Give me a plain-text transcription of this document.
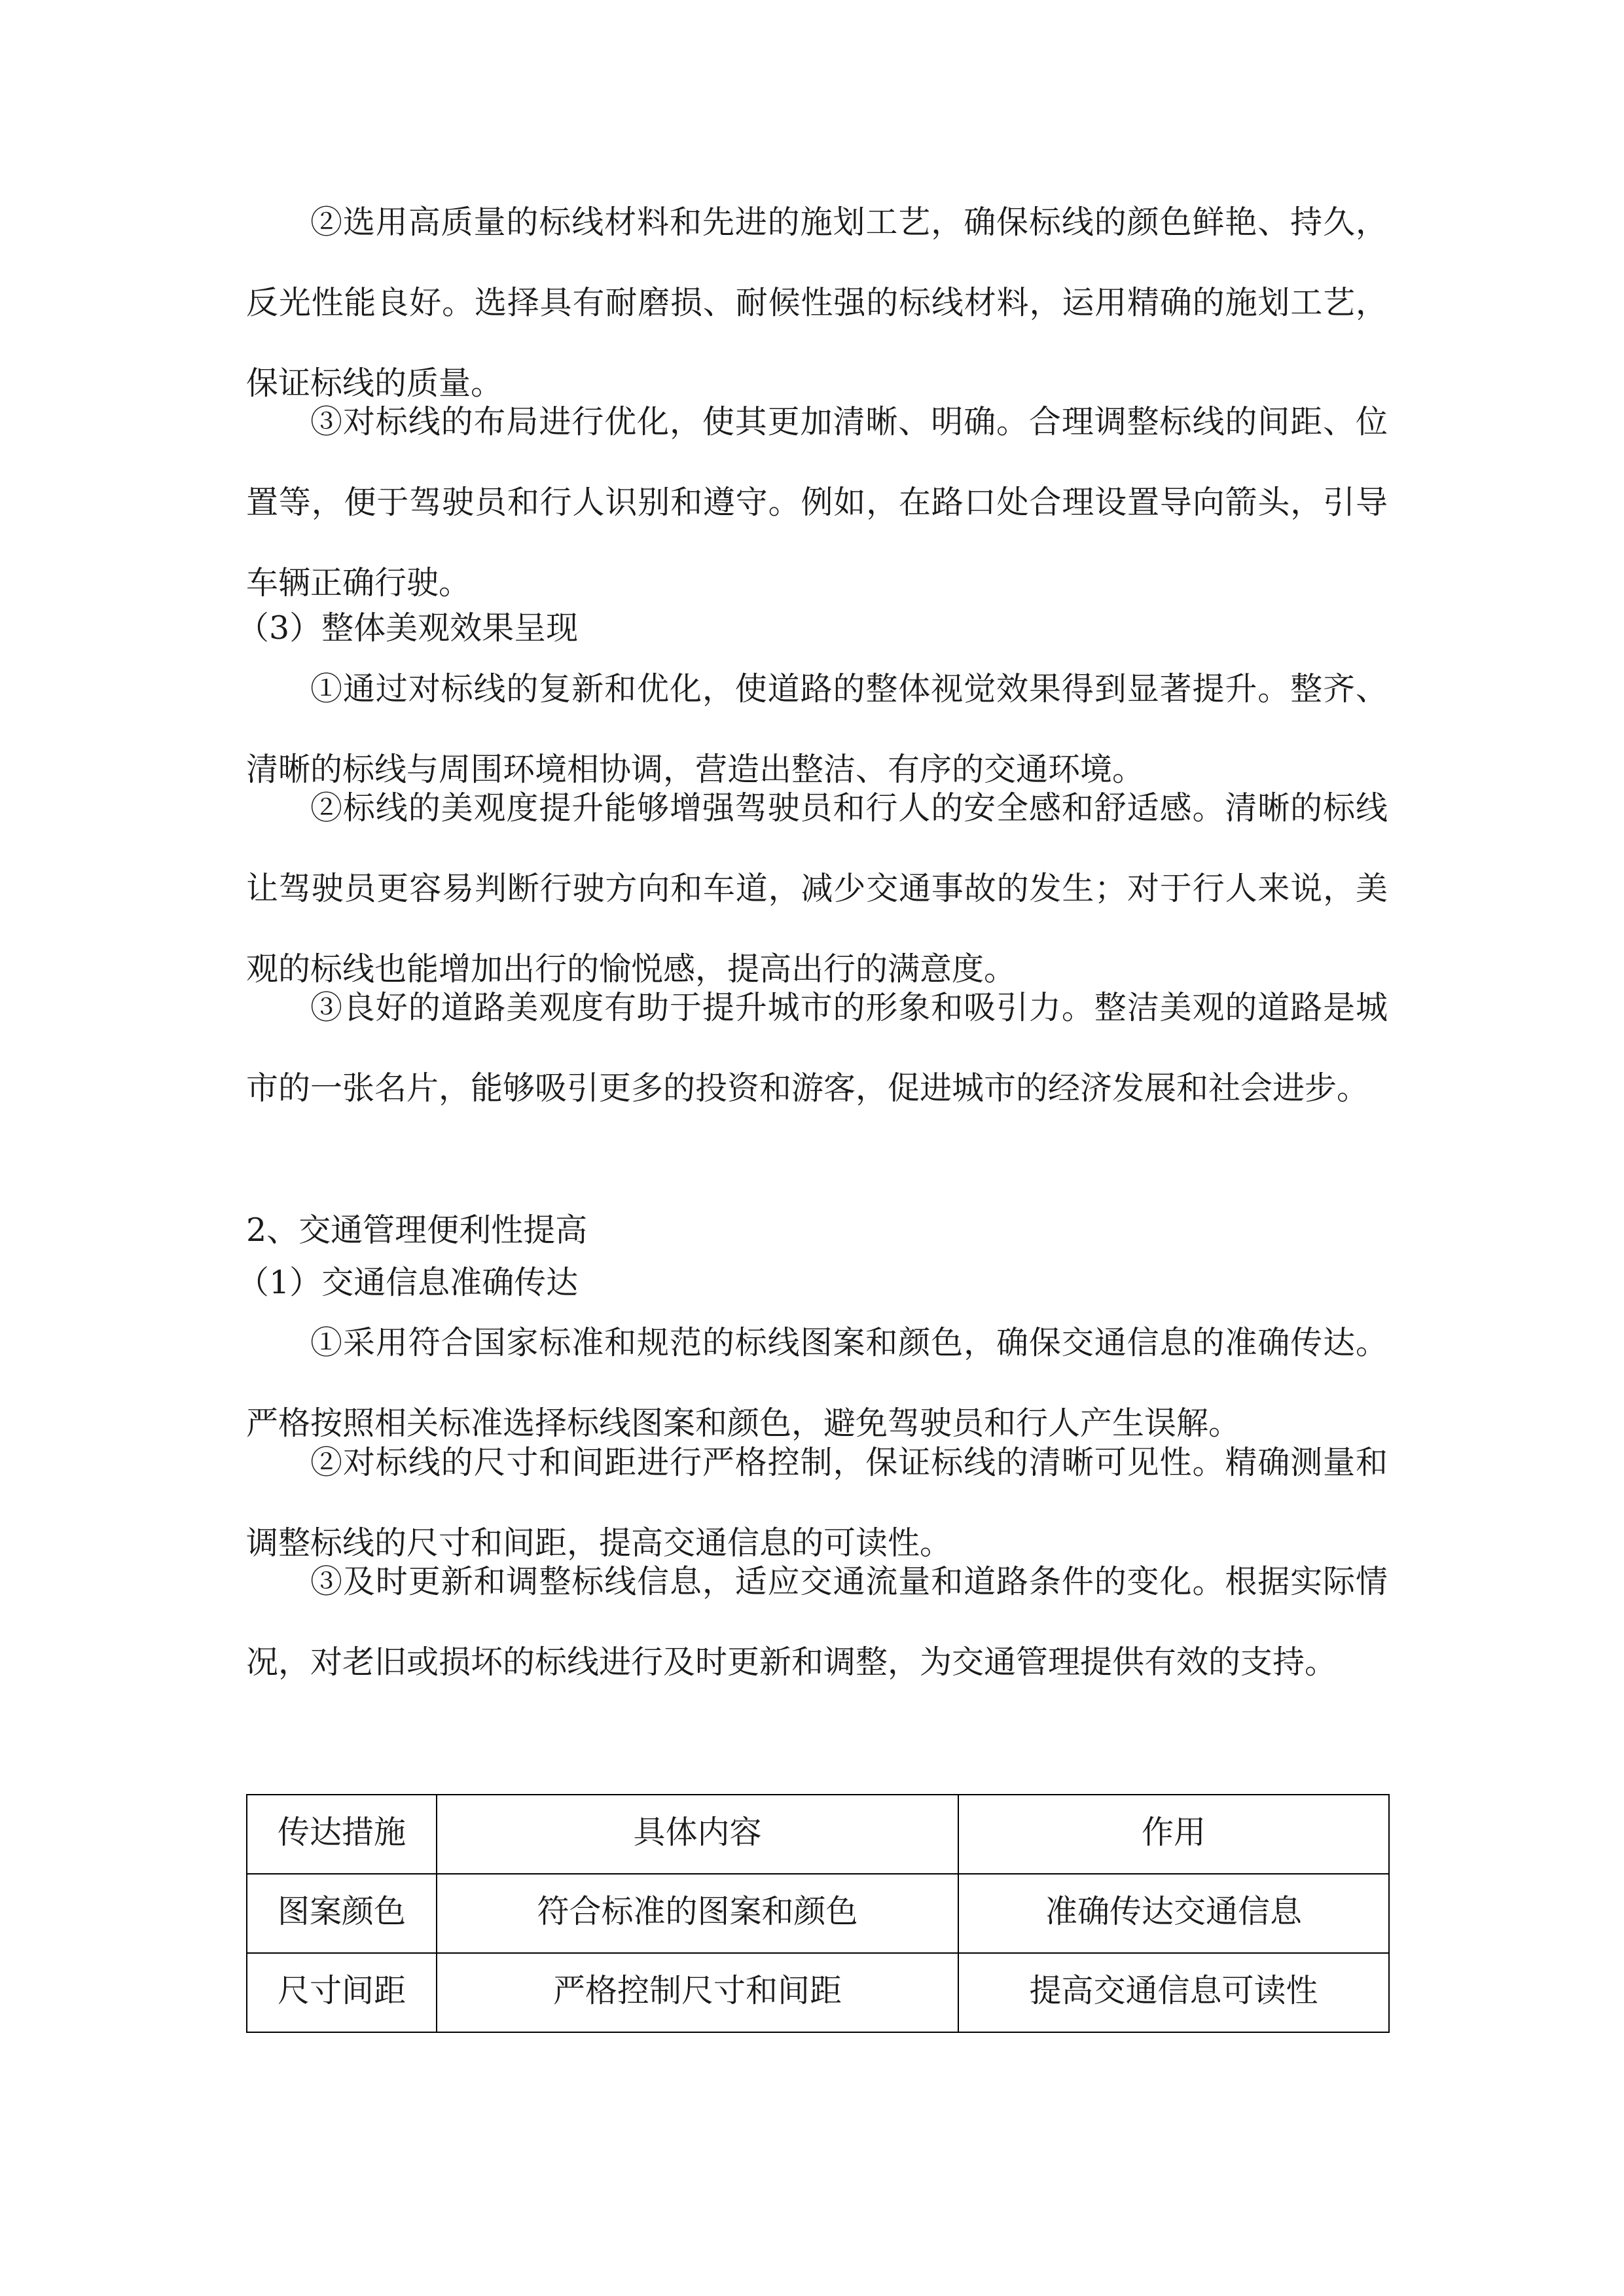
②选用高质量的标线材料和先进的施划工艺，确保标线的颜色鲜艳、持久，反光性能良好。选择具有耐磨损、耐候性强的标线材料，运用精确的施划工艺，保证标线的质量。

③对标线的布局进行优化，使其更加清晰、明确。合理调整标线的间距、位置等，便于驾驶员和行人识别和遵守。例如，在路口处合理设置导向箭头，引导车辆正确行驶。

（3）整体美观效果呈现

①通过对标线的复新和优化，使道路的整体视觉效果得到显著提升。整齐、清晰的标线与周围环境相协调，营造出整洁、有序的交通环境。

②标线的美观度提升能够增强驾驶员和行人的安全感和舒适感。清晰的标线让驾驶员更容易判断行驶方向和车道，减少交通事故的发生；对于行人来说，美观的标线也能增加出行的愉悦感，提高出行的满意度。

③良好的道路美观度有助于提升城市的形象和吸引力。整洁美观的道路是城市的一张名片，能够吸引更多的投资和游客，促进城市的经济发展和社会进步。

2、交通管理便利性提高

（1）交通信息准确传达

①采用符合国家标准和规范的标线图案和颜色，确保交通信息的准确传达。严格按照相关标准选择标线图案和颜色，避免驾驶员和行人产生误解。

②对标线的尺寸和间距进行严格控制，保证标线的清晰可见性。精确测量和调整标线的尺寸和间距，提高交通信息的可读性。

③及时更新和调整标线信息，适应交通流量和道路条件的变化。根据实际情况，对老旧或损坏的标线进行及时更新和调整，为交通管理提供有效的支持。

传达措施	具体内容	作用
图案颜色	符合标准的图案和颜色	准确传达交通信息
尺寸间距	严格控制尺寸和间距	提高交通信息可读性
